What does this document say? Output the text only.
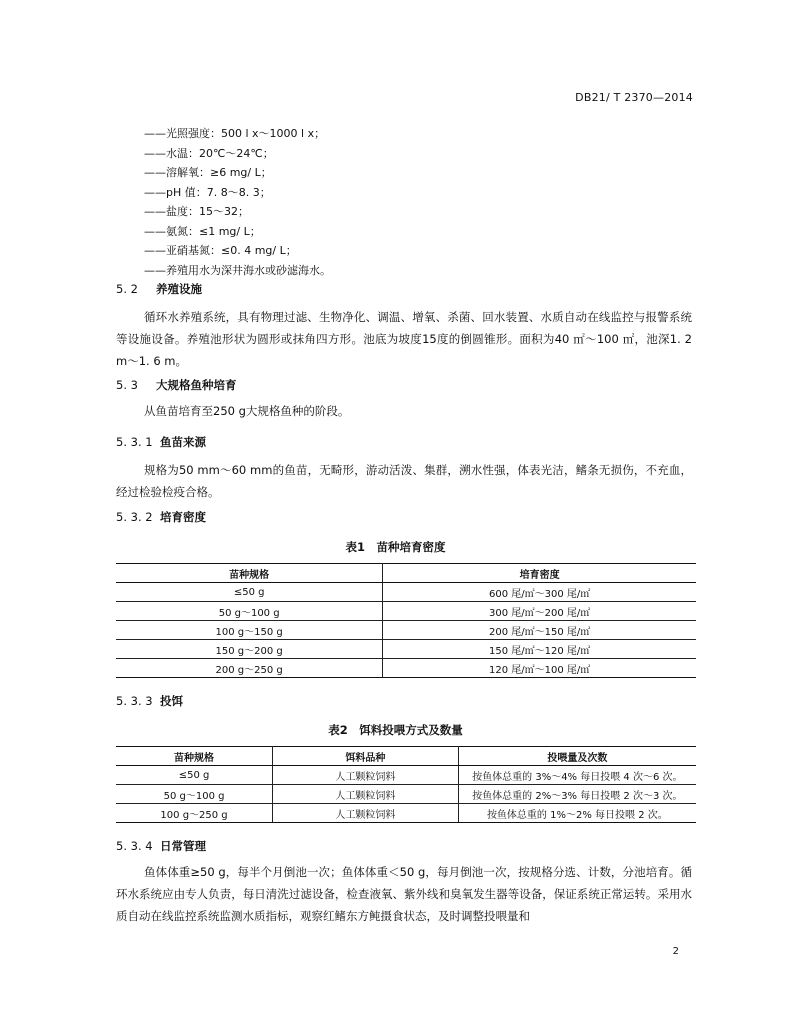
DB21/ T 2370—2014
——光照强度：500 l x～1000 l x；
——水温：20℃～24℃；
——溶解氧：≥6 mg/ L；
——pH 值：7. 8～8. 3；
——盐度：15～32；
——氨氮：≤1 mg/ L；
——亚硝基氮：≤0. 4 mg/ L；
——养殖用水为深井海水或砂滤海水。
5. 2 养殖设施

循环水养殖系统，具有物理过滤、生物净化、调温、增氧、杀菌、回水装置、水质自动在线监控与报警系统等设施设备。养殖池形状为圆形或抹角四方形。池底为坡度15度的倒圆锥形。面积为40 ㎡～100 ㎡，池深1. 2 m～1. 6 m。

5. 3 大规格鱼种培育

从鱼苗培育至250 g大规格鱼种的阶段。

5. 3. 1 鱼苗来源

规格为50 mm～60 mm的鱼苗，无畸形，游动活泼、集群，溯水性强，体表光洁，鳍条无损伤，不充血，经过检验检疫合格。

5. 3. 2 培育密度
表1　苗种培育密度
苗种规格	培育密度
≤50 g	600 尾/㎡～300 尾/㎡
50 g～100 g	300 尾/㎡～200 尾/㎡
100 g～150 g	200 尾/㎡～150 尾/㎡
150 g～200 g	150 尾/㎡～120 尾/㎡
200 g～250 g	120 尾/㎡～100 尾/㎡
5. 3. 3 投饵
表2　饵料投喂方式及数量
苗种规格	饵料品种	投喂量及次数
≤50 g	人工颗粒饲料	按鱼体总重的 3%～4% 每日投喂 4 次～6 次。
50 g～100 g	人工颗粒饲料	按鱼体总重的 2%～3% 每日投喂 2 次～3 次。
100 g～250 g	人工颗粒饲料	按鱼体总重的 1%～2% 每日投喂 2 次。
5. 3. 4 日常管理

鱼体体重≥50 g，每半个月倒池一次；鱼体体重＜50 g，每月倒池一次，按规格分选、计数，分池培育。循环水系统应由专人负责，每日清洗过滤设备，检查液氧、紫外线和臭氧发生器等设备，保证系统正常运转。采用水质自动在线监控系统监测水质指标，观察红鳍东方鲀摄食状态，及时调整投喂量和

2
